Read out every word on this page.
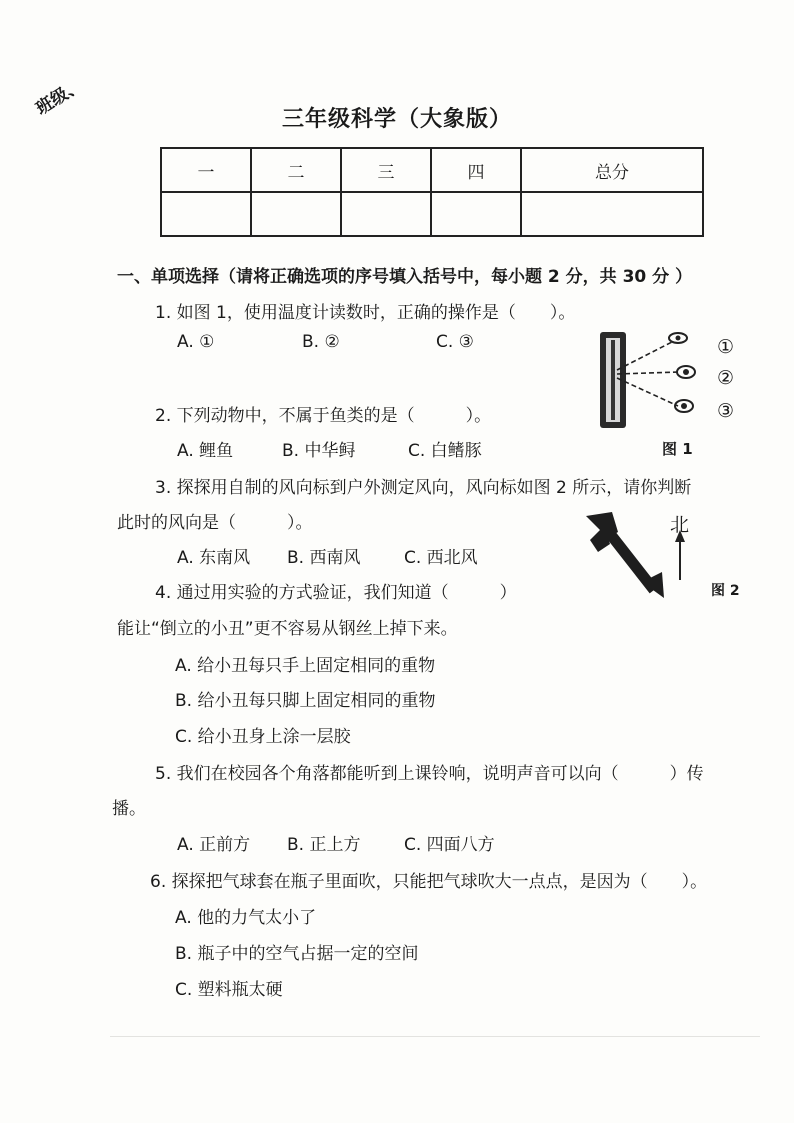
班级、
三年级科学（大象版）
一	二	三	四	总分

一、单项选择（请将正确选项的序号填入括号中，每小题 2 分，共 30 分 ）
1. 如图 1，使用温度计读数时，正确的操作是（　　）。
A. ①	B. ②	C. ③	①
②
③
图 1
2. 下列动物中，不属于鱼类的是（　　　）。
A. 鲤鱼	B. 中华鲟	C. 白鳍豚
3. 探探用自制的风向标到户外测定风向，风向标如图 2 所示，请你判断
此时的风向是（　　　）。
A. 东南风 B. 西南风	C. 西北风
北
图 2
4. 通过用实验的方式验证，我们知道（　　　）
能让“倒立的小丑”更不容易从钢丝上掉下来。
A. 给小丑每只手上固定相同的重物
B. 给小丑每只脚上固定相同的重物
C. 给小丑身上涂一层胶
5. 我们在校园各个角落都能听到上课铃响，说明声音可以向（　　　）传
播。
A. 正前方 B. 正上方	C. 四面八方
6. 探探把气球套在瓶子里面吹，只能把气球吹大一点点，是因为（　　）。
A. 他的力气太小了
B. 瓶子中的空气占据一定的空间
C. 塑料瓶太硬
